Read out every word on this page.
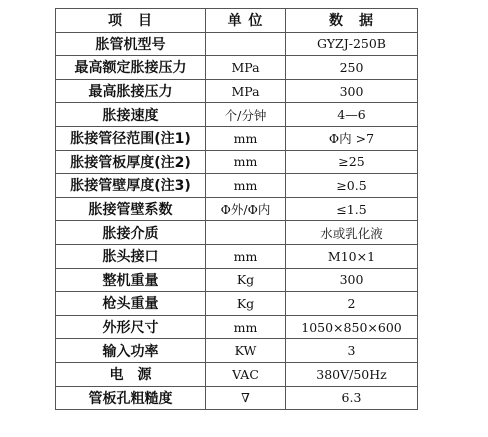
项　目	单 位	数　据
胀管机型号		GYZJ-250B
最高额定胀接压力	MPa	250
最高胀接压力	MPa	300
胀接速度	个/分钟	4—6
胀接管径范围(注1)	mm	Φ内 >7
胀接管板厚度(注2)	mm	≥25
胀接管壁厚度(注3)	mm	≥0.5
胀接管壁系数	Φ外/Φ内	≤1.5
胀接介质		水或乳化液
胀头接口	mm	M10×1
整机重量	Kg	300
枪头重量	Kg	2
外形尺寸	mm	1050×850×600
输入功率	KW	3
电　源	VAC	380V/50Hz
管板孔粗糙度	∇	6.3
